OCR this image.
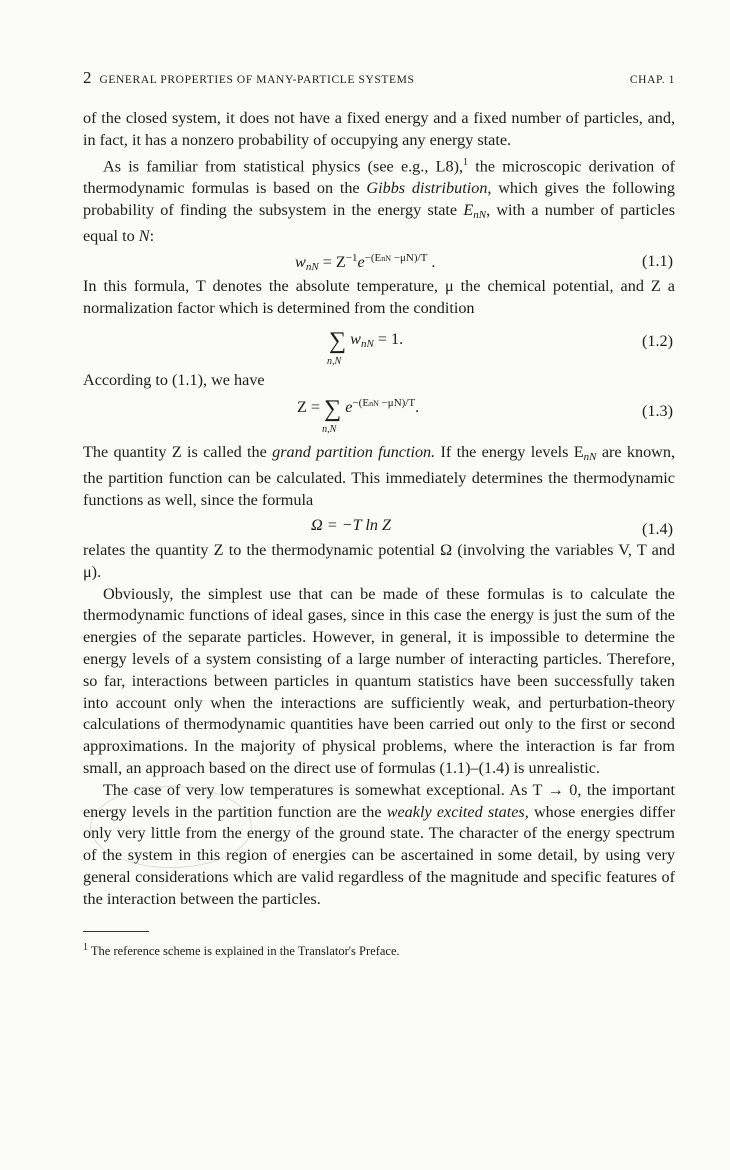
2 GENERAL PROPERTIES OF MANY-PARTICLE SYSTEMS	CHAP. 1

of the closed system, it does not have a fixed energy and a fixed number of particles, and, in fact, it has a nonzero probability of occupying any energy state.

As is familiar from statistical physics (see e.g., L8),$^1$ the microscopic derivation of thermodynamic formulas is based on the Gibbs distribution, which gives the following probability of finding the subsystem in the energy state $E_{nN}$, with a number of particles equal to N:

$w_{nN} = Z^{-1}e^{-(EnN -\mu N)/T}$ .	(1.1)

In this formula, T denotes the absolute temperature, μ the chemical potential, and Z a normalization factor which is determined from the condition

∑
n,N
$w_{nN} = 1$.	(1.2)

According to (1.1), we have

Z = ∑
n,N
$e^{-(EnN -\mu N)/T}$.	(1.3)

The quantity Z is called the grand partition function. If the energy levels $E_{nN}$ are known, the partition function can be calculated. This immediately determines the thermodynamic functions as well, since the formula

Ω = −T ln Z	(1.4)

relates the quantity Z to the thermodynamic potential Ω (involving the variables V, T and μ).

Obviously, the simplest use that can be made of these formulas is to calculate the thermodynamic functions of ideal gases, since in this case the energy is just the sum of the energies of the separate particles. However, in general, it is impossible to determine the energy levels of a system consisting of a large number of interacting particles. Therefore, so far, interactions between particles in quantum statistics have been successfully taken into account only when the interactions are sufficiently weak, and perturbation-theory calculations of thermodynamic quantities have been carried out only to the first or second approximations. In the majority of physical problems, where the interaction is far from small, an approach based on the direct use of formulas (1.1)–(1.4) is unrealistic.

The case of very low temperatures is somewhat exceptional. As T → 0, the important energy levels in the partition function are the weakly excited states, whose energies differ only very little from the energy of the ground state. The character of the energy spectrum of the system in this region of energies can be ascertained in some detail, by using very general considerations which are valid regardless of the magnitude and specific features of the interaction between the particles.

$^1$ The reference scheme is explained in the Translator's Preface.
